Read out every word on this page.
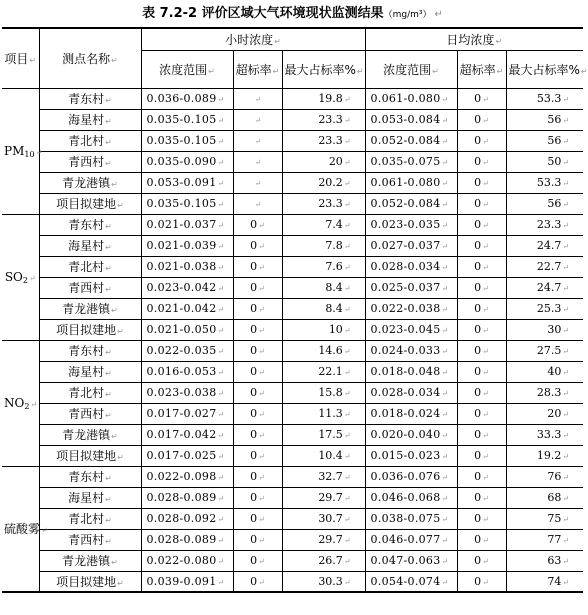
表 7.2-2 评价区域大气环境现状监测结果（mg/m³） ↵
项目↵	测点名称↵	小时浓度↵			日均浓度↵		
		浓度范围↵	超标率↵	最大占标率%↵	浓度范围↵	超标率↵	最大占标率%↵
$PM_{10}↵$	青东村↵	0.036-0.089↵	↵	19.8↵	0.061-0.080↵	0↵	53.3↵
	海星村↵	0.035-0.105↵	↵	23.3↵	0.053-0.084↵	0↵	56↵
	青北村↵	0.035-0.105↵	↵	23.3↵	0.052-0.084↵	0↵	56↵
	青西村↵	0.035-0.090↵	↵	20↵	0.035-0.075↵	0↵	50↵
	青龙港镇↵	0.053-0.091↵	↵	20.2↵	0.061-0.080↵	0↵	53.3↵
	项目拟建地↵	0.035-0.105↵	↵	23.3↵	0.052-0.084↵	0↵	56↵
$SO_2↵$	青东村↵	0.021-0.037↵	0↵	7.4↵	0.023-0.035↵	0↵	23.3↵
	海星村↵	0.021-0.039↵	0↵	7.8↵	0.027-0.037↵	0↵	24.7↵
	青北村↵	0.021-0.038↵	0↵	7.6↵	0.028-0.034↵	0↵	22.7↵
	青西村↵	0.023-0.042↵	0↵	8.4↵	0.025-0.037↵	0↵	24.7↵
	青龙港镇↵	0.021-0.042↵	0↵	8.4↵	0.022-0.038↵	0↵	25.3↵
	项目拟建地↵	0.021-0.050↵	0↵	10↵	0.023-0.045↵	0↵	30↵
$NO_2↵$	青东村↵	0.022-0.035↵	0↵	14.6↵	0.024-0.033↵	0↵	27.5↵
	海星村↵	0.016-0.053↵	0↵	22.1↵	0.018-0.048↵	0↵	40↵
	青北村↵	0.023-0.038↵	0↵	15.8↵	0.028-0.034↵	0↵	28.3↵
	青西村↵	0.017-0.027↵	0↵	11.3↵	0.018-0.024↵	0↵	20↵
	青龙港镇↵	0.017-0.042↵	0↵	17.5↵	0.020-0.040↵	0↵	33.3↵
	项目拟建地↵	0.017-0.025↵	0↵	10.4↵	0.015-0.023↵	0↵	19.2↵
硫酸雾↵	青东村↵	0.022-0.098↵	0↵	32.7↵	0.036-0.076↵	0↵	76↵
	海星村↵	0.028-0.089↵	0↵	29.7↵	0.046-0.068↵	0↵	68↵
	青北村↵	0.028-0.092↵	0↵	30.7↵	0.038-0.075↵	0↵	75↵
	青西村↵	0.028-0.089↵	0↵	29.7↵	0.046-0.077↵	0↵	77↵
	青龙港镇↵	0.022-0.080↵	0↵	26.7↵	0.047-0.063↵	0↵	63↵
	项目拟建地↵	0.039-0.091↵	0↵	30.3↵	0.054-0.074↵	0↵	74↵
